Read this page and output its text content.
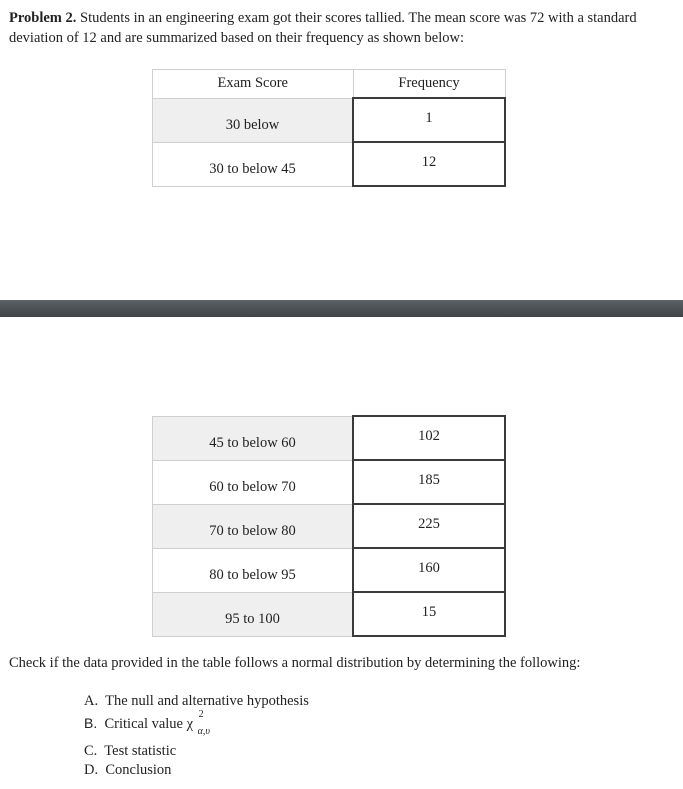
Problem 2. Students in an engineering exam got their scores tallied. The mean score was 72 with a standard deviation of 12 and are summarized based on their frequency as shown below:
Exam Score	Frequency

30 below	1

30 to below 45	12
45 to below 60	102

60 to below 70	185

70 to below 80	225

80 to below 95	160

95 to 100	15
Check if the data provided in the table follows a normal distribution by determining the following:
A. The null and alternative hypothesis
B. Critical value χ
2
α,υ
C. Test statistic
D. Conclusion
